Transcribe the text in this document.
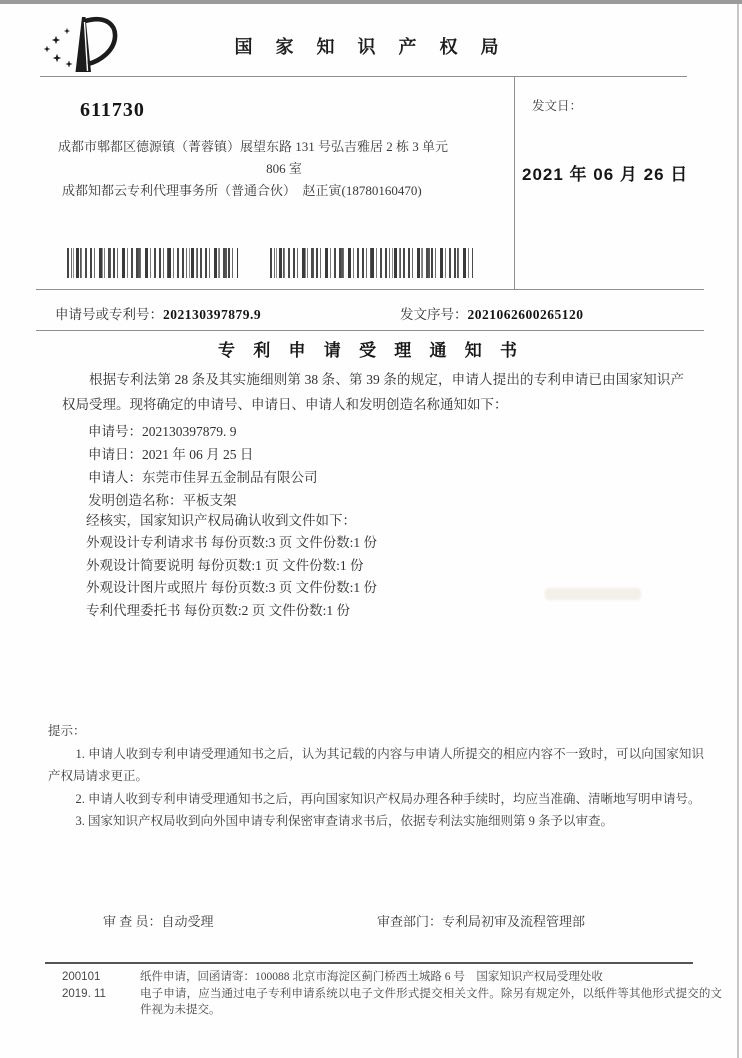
国 家 知 识 产 权 局
611730
成都市郫都区德源镇（菁蓉镇）展望东路 131 号弘吉雅居 2 栋 3 单元
806 室
成都知都云专利代理事务所（普通合伙）　赵正寅(18780160470)
发文日：
2021 年 06 月 26 日
申请号或专利号：202130397879.9	发文序号：2021062600265120
专 利 申 请 受 理 通 知 书

根据专利法第 28 条及其实施细则第 38 条、第 39 条的规定，申请人提出的专利申请已由国家知识产权局受理。现将确定的申请号、申请日、申请人和发明创造名称通知如下：

申请号：202130397879. 9
申请日：2021 年 06 月 25 日
申请人：东莞市佳昇五金制品有限公司
发明创造名称：平板支架
经核实，国家知识产权局确认收到文件如下：
外观设计专利请求书 每份页数:3 页 文件份数:1 份
外观设计简要说明 每份页数:1 页 文件份数:1 份
外观设计图片或照片 每份页数:3 页 文件份数:1 份
专利代理委托书 每份页数:2 页 文件份数:1 份

提示：

1. 申请人收到专利申请受理通知书之后，认为其记载的内容与申请人所提交的相应内容不一致时，可以向国家知识产权局请求更正。

2. 申请人收到专利申请受理通知书之后，再向国家知识产权局办理各种手续时，均应当准确、清晰地写明申请号。

3. 国家知识产权局收到向外国申请专利保密审查请求书后，依据专利法实施细则第 9 条予以审查。

审 查 员：自动受理	审查部门：专利局初审及流程管理部
200101
2019. 11
纸件申请，回函请寄：100088 北京市海淀区蓟门桥西土城路 6 号　国家知识产权局受理处收
电子申请，应当通过电子专利申请系统以电子文件形式提交相关文件。除另有规定外，以纸件等其他形式提交的文件视为未提交。
